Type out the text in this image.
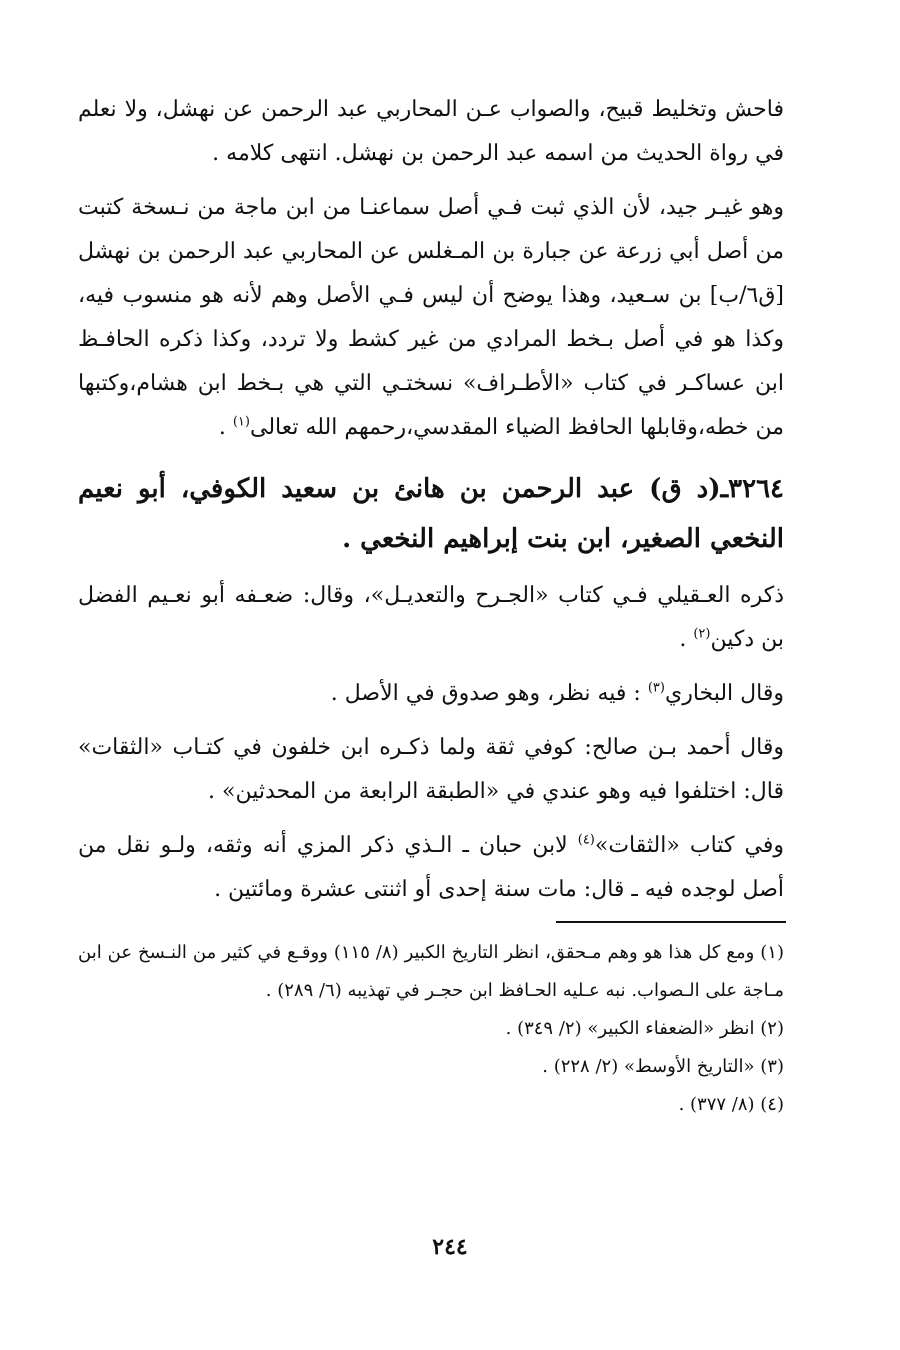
فاحش وتخليط قبيح، والصواب عـن المحاربي عبد الرحمن عن نهشل، ولا نعلم في رواة الحديث من اسمه عبد الرحمن بن نهشل. انتهى كلامه .

وهو غيـر جيد، لأن الذي ثبت فـي أصل سماعنـا من ابن ماجة من نـسخة كتبت من أصل أبي زرعة عن جبارة بن المـغلس عن المحاربي عبد الرحمن بن نهشل [ق٦/ب] بن سـعيد، وهذا يوضح أن ليس فـي الأصل وهم لأنه هو منسوب فيه، وكذا هو في أصل بـخط المرادي من غير كشط ولا تردد، وكذا ذكره الحافـظ ابن عساكـر في كتاب «الأطـراف» نسختـي التي هي بـخط ابن هشام،وكتبها من خطه،وقابلها الحافظ الضياء المقدسي،رحمهم الله تعالى$^{(١)}$ .

٣٢٦٤ـ(د ق) عبد الرحمن بن هانئ بن سعيد الكوفي، أبو نعيم النخعي الصغير، ابن بنت إبراهيم النخعي .

ذكره العـقيلي فـي كتاب «الجـرح والتعديـل»، وقال: ضعـفه أبو نعـيم الفضل بن دكين$^{(٢)}$ .

وقال البخاري$^{(٣)}$ : فيه نظر، وهو صدوق في الأصل .

وقال أحمد بـن صالح: كوفي ثقة ولما ذكـره ابن خلفون في كتـاب «الثقات» قال: اختلفوا فيه وهو عندي في «الطبقة الرابعة من المحدثين» .

وفي كتاب «الثقات»$^{(٤)}$ لابن حبان ـ الـذي ذكر المزي أنه وثقه، ولـو نقل من أصل لوجده فيه ـ قال: مات سنة إحدى أو اثنتى عشرة ومائتين .

(١) ومع كل هذا هو وهم مـحقق، انظر التاريخ الكبير (٨/ ١١٥) ووقـع في كثير من النـسخ عن ابن مـاجة على الـصواب. نبه عـليه الحـافظ ابن حجـر في تهذيبه (٦/ ٢٨٩) .

(٢) انظر «الضعفاء الكبير» (٢/ ٣٤٩) .

(٣) «التاريخ الأوسط» (٢/ ٢٢٨) .

(٤) (٨/ ٣٧٧) .

٢٤٤
